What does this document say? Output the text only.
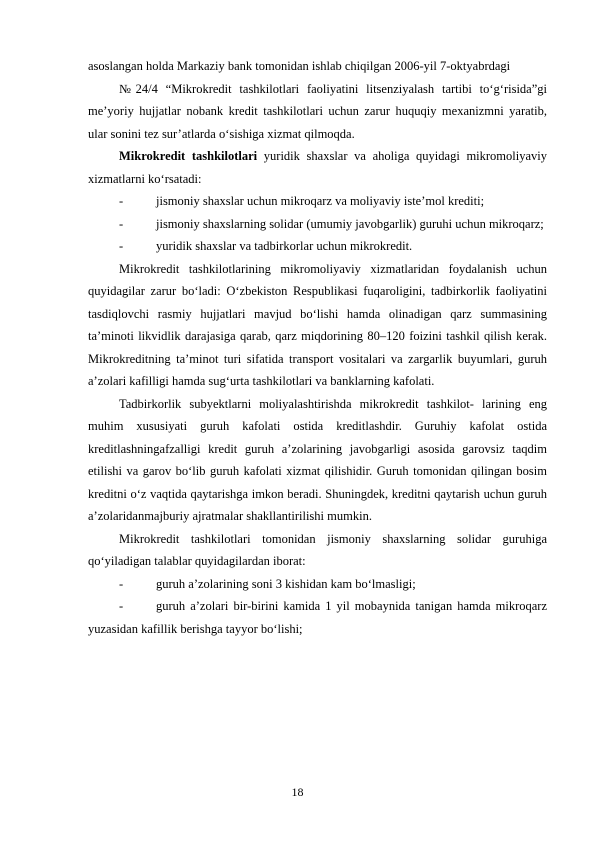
asoslangan holda Markaziy bank tomonidan ishlab chiqilgan 2006-yil 7-oktyabrdagi

№24/4 “Mikrokredit tashkilotlari faoliyatini litsenziyalash tartibi to‘g‘risida”gi me’yoriy hujjatlar nobank kredit tashkilotlari uchun zarur huquqiy mexanizmni yaratib, ular sonini tez sur’atlarda o‘sishiga xizmat qilmoqda.

Mikrokredit tashkilotlari yuridik shaxslar va aholiga quyidagi mikromoliyaviy xizmatlarni ko‘rsatadi:

-	jismoniy shaxslar uchun mikroqarz va moliyaviy iste’mol krediti;

-	jismoniy shaxslarning solidar (umumiy javobgarlik) guruhi uchun mikroqarz;

-	yuridik shaxslar va tadbirkorlar uchun mikrokredit.

Mikrokredit tashkilotlarining mikromoliyaviy xizmatlaridan foydalanish uchun quyidagilar zarur bo‘ladi: O‘zbekiston Respublikasi fuqaroligini, tadbirkorlik faoliyatini tasdiqlovchi rasmiy hujjatlari mavjud bo‘lishi hamda olinadigan qarz summasining ta’minoti likvidlik darajasiga qarab, qarz miqdorining 80–120 foizini tashkil qilish kerak. Mikrokreditning ta’minot turi sifatida transport vositalari va zargarlik buyumlari, guruh a’zolari kafilligi hamda sug‘urta tashkilotlari va banklarning kafolati.

Tadbirkorlik subyektlarni moliyalashtirishda mikrokredit tashkilot- larining eng muhim xususiyati guruh kafolati ostida kreditlashdir. Guruhiy kafolat ostida kreditlashningafzalligi kredit guruh a’zolarining javobgarligi asosida garovsiz taqdim etilishi va garov bo‘lib guruh kafolati xizmat qilishidir. Guruh tomonidan qilingan bosim kreditni o‘z vaqtida qaytarishga imkon beradi. Shuningdek, kreditni qaytarish uchun guruh a’zolaridanmajburiy ajratmalar shakllantirilishi mumkin.

Mikrokredit tashkilotlari tomonidan jismoniy shaxslarning solidar guruhiga qo‘yiladigan talablar quyidagilardan iborat:

-	guruh a’zolarining soni 3 kishidan kam bo‘lmasligi;

-	guruh a’zolari bir-birini kamida 1 yil mobaynida tanigan hamda mikroqarz yuzasidan kafillik berishga tayyor bo‘lishi;

18
